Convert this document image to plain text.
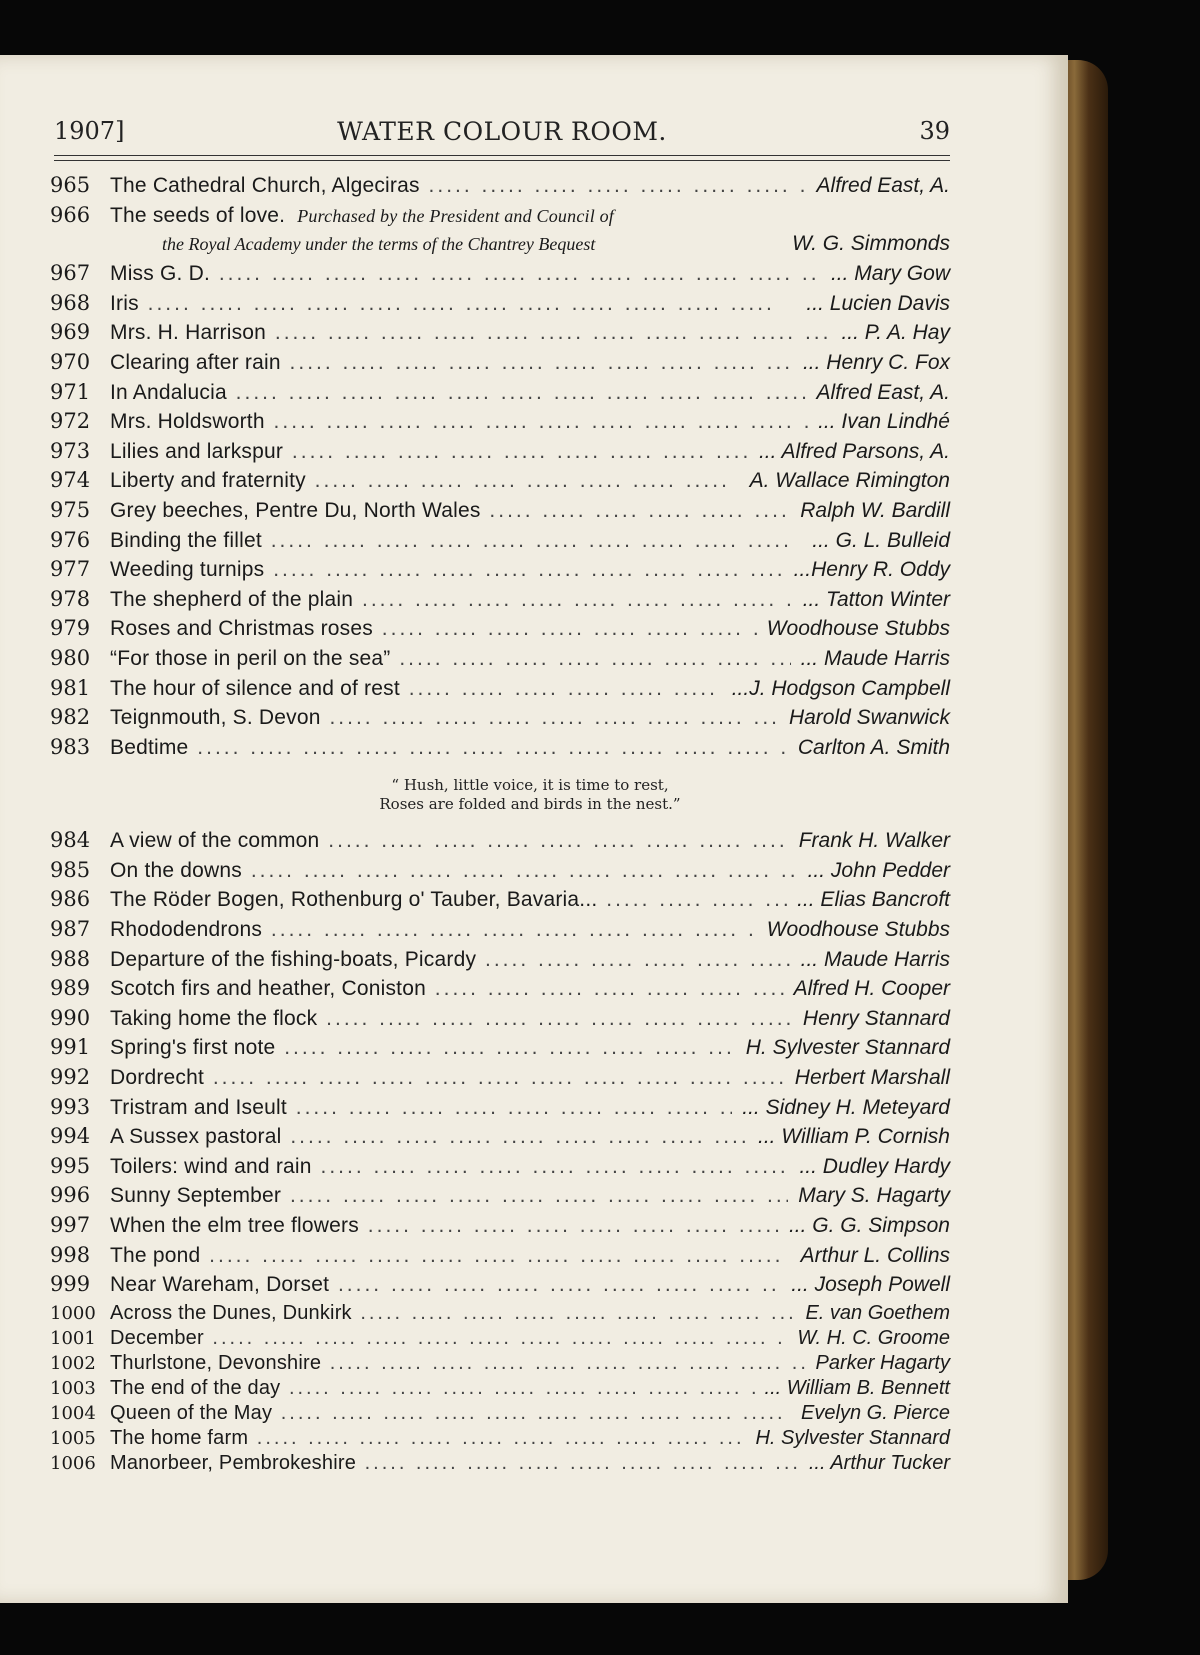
1907]	WATER COLOUR ROOM.	39
965 The Cathedral Church, Algeciras .....	Alfred East, A.
966 The seeds of love. Purchased by the President and Council of
the Royal Academy under the terms of the Chantrey Bequest	W. G. Simmonds
967 Miss G. D. .....	... Mary Gow
968 Iris .....	... Lucien Davis
969 Mrs. H. Harrison .....	... P. A. Hay
970 Clearing after rain .....	... Henry C. Fox
971 In Andalucia .....	Alfred East, A.
972 Mrs. Holdsworth .....	... Ivan Lindhé
973 Lilies and larkspur .....	... Alfred Parsons, A.
974 Liberty and fraternity .....	A. Wallace Rimington
975 Grey beeches, Pentre Du, North Wales .....	Ralph W. Bardill
976 Binding the fillet .....	... G. L. Bulleid
977 Weeding turnips .....	...Henry R. Oddy
978 The shepherd of the plain .....	... Tatton Winter
979 Roses and Christmas roses .....	Woodhouse Stubbs
980 “For those in peril on the sea” .....	... Maude Harris
981 The hour of silence and of rest .....	...J. Hodgson Campbell
982 Teignmouth, S. Devon .....	Harold Swanwick
983 Bedtime .....	Carlton A. Smith
“ Hush, little voice, it is time to rest,
Roses are folded and birds in the nest.”
984 A view of the common .....	Frank H. Walker
985 On the downs .....	... John Pedder
986 The Röder Bogen, Rothenburg o' Tauber, Bavaria... .....	... Elias Bancroft
987 Rhododendrons .....	Woodhouse Stubbs
988 Departure of the fishing-boats, Picardy .....	... Maude Harris
989 Scotch firs and heather, Coniston .....	Alfred H. Cooper
990 Taking home the flock .....	Henry Stannard
991 Spring's first note .....	H. Sylvester Stannard
992 Dordrecht .....	Herbert Marshall
993 Tristram and Iseult .....	... Sidney H. Meteyard
994 A Sussex pastoral .....	... William P. Cornish
995 Toilers: wind and rain .....	... Dudley Hardy
996 Sunny September .....	Mary S. Hagarty
997 When the elm tree flowers .....	... G. G. Simpson
998 The pond .....	Arthur L. Collins
999 Near Wareham, Dorset .....	... Joseph Powell
1000 Across the Dunes, Dunkirk .....	E. van Goethem
1001 December .....	W. H. C. Groome
1002 Thurlstone, Devonshire .....	Parker Hagarty
1003 The end of the day .....	... William B. Bennett
1004 Queen of the May .....	Evelyn G. Pierce
1005 The home farm .....	H. Sylvester Stannard
1006 Manorbeer, Pembrokeshire .....	... Arthur Tucker
